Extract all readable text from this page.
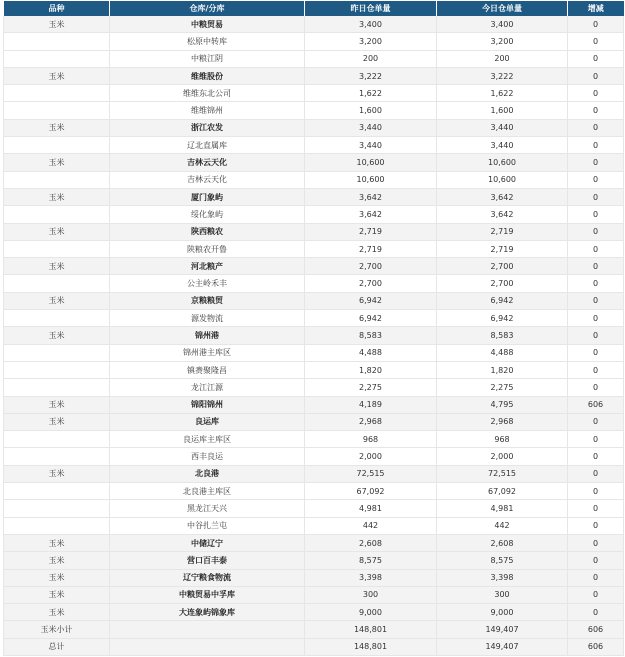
品种	仓库/分库	昨日仓单量	今日仓单量	增减
玉米	中粮贸易	3,400	3,400	0
	松原中转库	3,200	3,200	0
	中粮江阴	200	200	0
玉米	维维股份	3,222	3,222	0
	维维东北公司	1,622	1,622	0
	维维锦州	1,600	1,600	0
玉米	浙江农发	3,440	3,440	0
	辽北直属库	3,440	3,440	0
玉米	吉林云天化	10,600	10,600	0
	吉林云天化	10,600	10,600	0
玉米	厦门象屿	3,642	3,642	0
	绥化象屿	3,642	3,642	0
玉米	陕西粮农	2,719	2,719	0
	陕粮农开鲁	2,719	2,719	0
玉米	河北粮产	2,700	2,700	0
	公主岭禾丰	2,700	2,700	0
玉米	京粮粮贸	6,942	6,942	0
	源发物流	6,942	6,942	0
玉米	锦州港	8,583	8,583	0
	锦州港主库区	4,488	4,488	0
	镇赉聚隆昌	1,820	1,820	0
	龙江江源	2,275	2,275	0
玉米	锦阳锦州	4,189	4,795	606
玉米	良运库	2,968	2,968	0
	良运库主库区	968	968	0
	西丰良运	2,000	2,000	0
玉米	北良港	72,515	72,515	0
	北良港主库区	67,092	67,092	0
	黑龙江天兴	4,981	4,981	0
	中谷扎兰屯	442	442	0
玉米	中储辽宁	2,608	2,608	0
玉米	营口百丰泰	8,575	8,575	0
玉米	辽宁粮食物流	3,398	3,398	0
玉米	中粮贸易中孚库	300	300	0
玉米	大连象屿锦象库	9,000	9,000	0
玉米小计		148,801	149,407	606
总计		148,801	149,407	606
